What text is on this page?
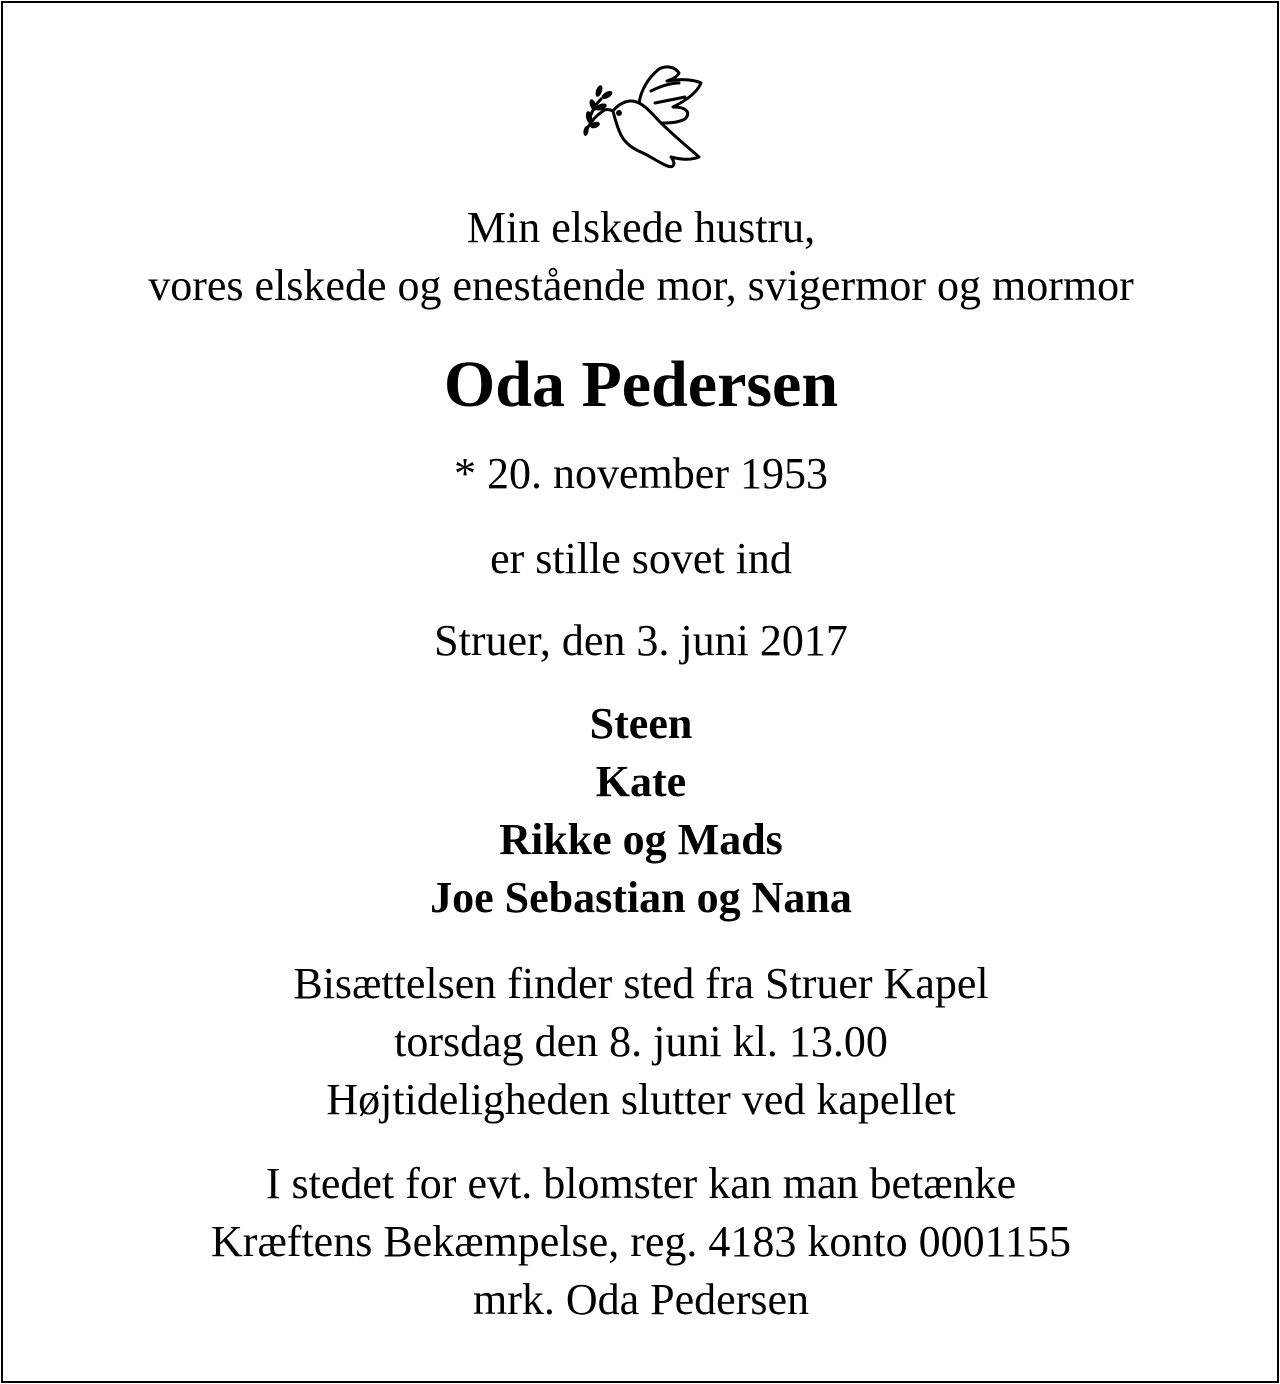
Min elskede hustru,
vores elskede og enestående mor, svigermor og mormor
Oda Pedersen
* 20. november 1953
er stille sovet ind
Struer, den 3. juni 2017
Steen
Kate
Rikke og Mads
Joe Sebastian og Nana
Bisættelsen finder sted fra Struer Kapel
torsdag den 8. juni kl. 13.00
Højtideligheden slutter ved kapellet
I stedet for evt. blomster kan man betænke
Kræftens Bekæmpelse, reg. 4183 konto 0001155
mrk. Oda Pedersen
